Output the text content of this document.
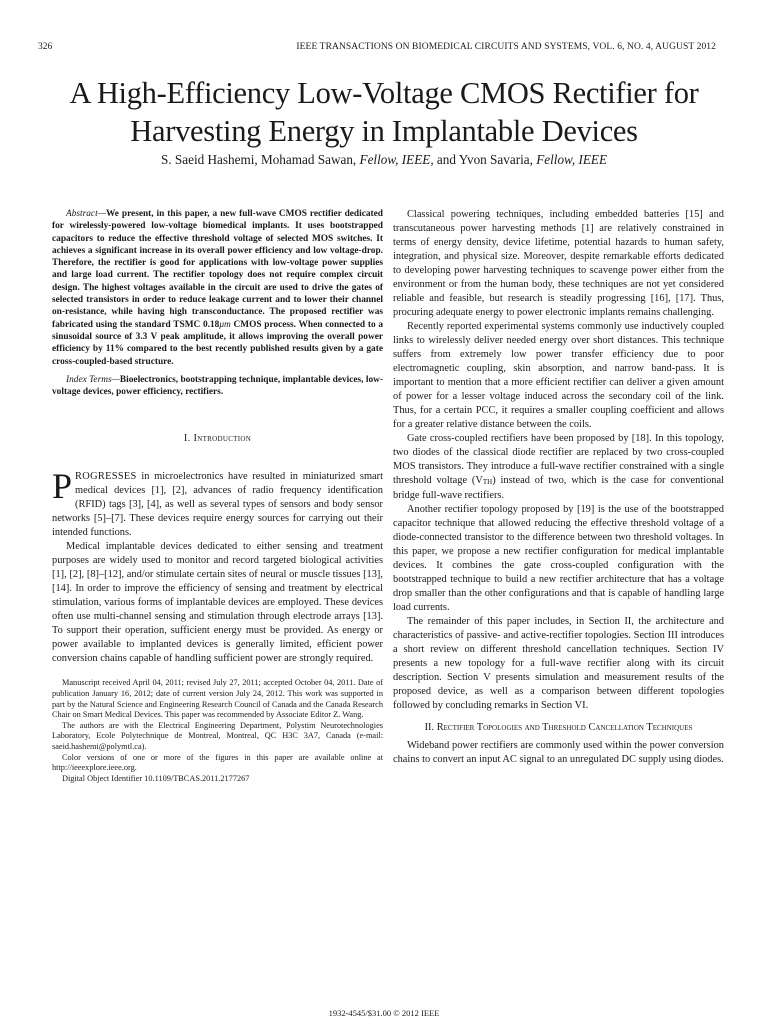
326	IEEE TRANSACTIONS ON BIOMEDICAL CIRCUITS AND SYSTEMS, VOL. 6, NO. 4, AUGUST 2012
A High-Efficiency Low-Voltage CMOS Rectifier for
Harvesting Energy in Implantable Devices
S. Saeid Hashemi, Mohamad Sawan, Fellow, IEEE, and Yvon Savaria, Fellow, IEEE

Abstract—We present, in this paper, a new full-wave CMOS rectifier dedicated for wirelessly-powered low-voltage biomedical implants. It uses bootstrapped capacitors to reduce the effective threshold voltage of selected MOS switches. It achieves a significant increase in its overall power efficiency and low voltage-drop. Therefore, the rectifier is good for applications with low-voltage power supplies and large load current. The rectifier topology does not require complex circuit design. The highest voltages available in the circuit are used to drive the gates of selected transistors in order to reduce leakage current and to lower their channel on-resistance, while having high transconductance. The proposed rectifier was fabricated using the standard TSMC 0.18μm CMOS process. When connected to a sinusoidal source of 3.3 V peak amplitude, it allows improving the overall power efficiency by 11% compared to the best recently published results given by a gate cross-coupled-based structure.

Index Terms—Bioelectronics, bootstrapping technique, implantable devices, low-voltage devices, power efficiency, rectifiers.

I. Introduction

PROGRESSES in microelectronics have resulted in miniaturized smart medical devices [1], [2], advances of radio frequency identification (RFID) tags [3], [4], as well as several types of sensors and body sensor networks [5]–[7]. These devices require energy sources for carrying out their intended functions.

Medical implantable devices dedicated to either sensing and treatment purposes are widely used to monitor and record targeted biological activities [1], [2], [8]–[12], and/or stimulate certain sites of neural or muscle tissues [13], [14]. In order to improve the efficiency of sensing and treatment by electrical stimulation, various forms of implantable devices are employed. These devices often use multi-channel sensing and stimulation through electrode arrays [13]. To support their operation, sufficient energy must be provided. As energy or power available to implanted devices is generally limited, efficient power conversion chains capable of handling sufficient power are strongly required.

Manuscript received April 04, 2011; revised July 27, 2011; accepted October 04, 2011. Date of publication January 16, 2012; date of current version July 24, 2012. This work was supported in part by the Natural Science and Engineering Research Council of Canada and the Canada Research Chair on Smart Medical Devices. This paper was recommended by Associate Editor Z. Wang.

The authors are with the Electrical Engineering Department, Polystim Neurotechnologies Laboratory, Ecole Polytechnique de Montreal, Montreal, QC H3C 3A7, Canada (e-mail: saeid.hashemi@polymtl.ca).

Color versions of one or more of the figures in this paper are available online at http://ieeexplore.ieee.org.

Digital Object Identifier 10.1109/TBCAS.2011.2177267

Classical powering techniques, including embedded batteries [15] and transcutaneous power harvesting methods [1] are relatively constrained in terms of energy density, device lifetime, potential hazards to human safety, integration, and physical size. Moreover, despite remarkable efforts dedicated to developing power harvesting techniques to scavenge power either from the environment or from the human body, these techniques are not yet considered reliable and feasible, but research is steadily progressing [16], [17]. Thus, procuring adequate energy to power electronic implants remains challenging.

Recently reported experimental systems commonly use inductively coupled links to wirelessly deliver needed energy over short distances. This technique suffers from extremely low power transfer efficiency due to poor electromagnetic coupling, skin absorption, and narrow band-pass. It is important to mention that a more efficient rectifier can deliver a given amount of power for a lesser voltage induced across the secondary coil of the link. Thus, for a certain PCC, it requires a smaller coupling coefficient and allows for a greater relative distance between the coils.

Gate cross-coupled rectifiers have been proposed by [18]. In this topology, two diodes of the classical diode rectifier are replaced by two cross-coupled MOS transistors. They introduce a full-wave rectifier constrained with a single threshold voltage (VTH) instead of two, which is the case for conventional bridge full-wave rectifiers.

Another rectifier topology proposed by [19] is the use of the bootstrapped capacitor technique that allowed reducing the effective threshold voltage of a diode-connected transistor to the difference between two threshold voltages. In this paper, we propose a new rectifier configuration for medical implantable devices. It combines the gate cross-coupled configuration with the bootstrapped technique to build a new rectifier architecture that has a voltage drop smaller than the other configurations and that is capable of handling large load currents.

The remainder of this paper includes, in Section II, the architecture and characteristics of passive- and active-rectifier topologies. Section III introduces a short review on different threshold cancellation techniques. Section IV presents a new topology for a full-wave rectifier along with its circuit description. Section V presents simulation and measurement results of the proposed device, as well as a comparison between different topologies followed by concluding remarks in Section VI.

II. Rectifier Topologies and Threshold Cancellation Techniques

Wideband power rectifiers are commonly used within the power conversion chains to convert an input AC signal to an unregulated DC supply using diodes.

1932-4545/$31.00 © 2012 IEEE
